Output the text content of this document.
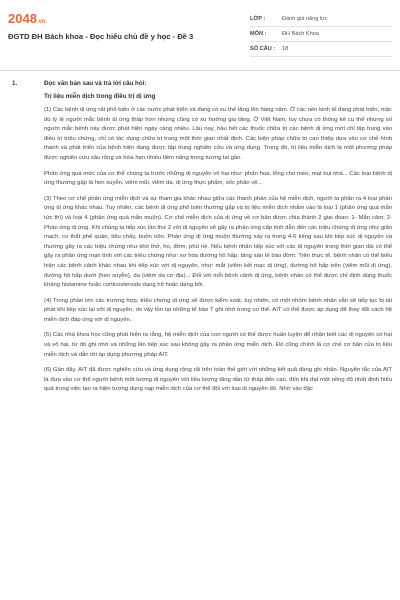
2048.vn
ĐGTD ĐH Bách khoa - Đọc hiểu chủ đề y học - Đề 3
LỚP :	Đánh giá năng lực
MÔN :	ĐH Bách Khoa
SỐ CÂU :	18
1.	Đọc văn bản sau và trả lời câu hỏi:
Trị liệu miễn dịch trong điều trị dị ứng

(1) Các bệnh dị ứng rất phổ biến ở các nước phát triển và đang có xu thế tăng lên hàng năm. Ở các nền kinh tế đang phát triển, mặc dù tỷ lệ người mắc bệnh dị ứng thấp hơn nhưng cũng có xu hướng gia tăng. Ở Việt Nam, tuy chưa có thống kê cụ thể nhưng số người mắc bệnh này được phát hiện ngày càng nhiều. Lâu nay, hầu hết các thuốc chữa trị các bệnh dị ứng mới chỉ tập trung vào điều trị triệu chứng, chỉ có tác dụng chữa trị trong một thời gian nhất định. Các biện pháp chữa trị can thiệp dựa vào cơ chế hình thành và phát triển của bệnh hiện đang được tập trung nghiên cứu và ứng dụng. Trong đó, trị liệu miễn dịch là một phương pháp được nghiên cứu sâu rộng và hứa hẹn nhiều tiềm năng trong tương lai gần.

Phản ứng quá mức của cơ thể chúng ta trước những dị nguyên vô hại như: phấn hoa, lông chó mèo, mạt bụi nhà... Các loại bệnh dị ứng thường gặp là hen suyễn, viêm mũi, viêm da, dị ứng thực phẩm, sốc phản vệ...

(3) Theo cơ chế phản ứng miễn dịch và sự tham gia khác nhau giữa các thành phần của hệ miễn dịch, người ta phân ra 4 loại phản ứng dị ứng khác nhau. Tuy nhiên, các bệnh dị ứng phổ biến thường gặp và trị liệu miễn dịch nhắm vào là loại 1 (phản ứng quá mẫn tức thì) và loại 4 (phản ứng quá mẫn muộn). Cơ chế miễn dịch của dị ứng về cơ bản được chia thành 2 giai đoạn: 1- Mẫn cảm; 2- Phản ứng dị ứng. Khi chúng ta tiếp xúc lần thứ 2 với dị nguyên sẽ gây ra phản ứng cấp tính dẫn đến các triệu chứng dị ứng như giãn mạch, co thắt phế quản, tiêu chảy, buồn nôn. Phản ứng dị ứng muộn thường xảy ra trong 4-6 tiếng sau khi tiếp xúc dị nguyên và thường gây ra các triệu chứng như khó thở, ho, đờm, phù nề. Nếu bệnh nhân tiếp xúc với các dị nguyên trong thời gian dài có thể gây ra phản ứng mạn tính với các triệu chứng như: xơ hóa đường hô hấp, tăng sản tế bào đờm. Trên thực tế, bệnh nhân có thể biểu hiện các bệnh cảnh khác nhau khi tiếp xúc với dị nguyên, như: mắt (viêm kết mạc dị ứng), đường hô hấp trên (viêm mũi dị ứng), đường hô hấp dưới (hen suyễn), da (viêm da cơ địa)... Đối với mỗi bệnh cảnh dị ứng, bệnh nhân có thể được chỉ định dùng thuốc kháng histamine hoặc corticosteroids dạng hít hoặc dạng bôi.

(4) Trong phần lớn các trường hợp, triệu chứng dị ứng sẽ được kiểm soát, tuy nhiên, có một nhóm bệnh nhân vẫn sẽ tiếp tục bị tái phát khi tiếp xúc lại với dị nguyên, do vậy tồn tại những tế bào T ghi nhớ trong cơ thể. AIT có thể được áp dụng để thay đổi cách hệ miễn dịch đáp ứng với dị nguyên.

(5) Các nhà khoa học cũng phát hiện ra rằng, hệ miễn dịch của con người có thể được huấn luyện để nhận biết các dị nguyên có hại và vô hại, từ đó ghi nhớ và những lần tiếp xúc sau không gây ra phản ứng miễn dịch. Đó cũng chính là cơ chế cơ bản của trị liệu miễn dịch và dẫn tới áp dụng phương pháp AIT.

(6) Gần đây, AIT đã được nghiên cứu và ứng dụng rộng rãi trên toàn thế giới với những kết quả đáng ghi nhận. Nguyên tắc của AIT là đưa vào cơ thể người bệnh một lượng dị nguyên với liều lượng tăng dần từ thấp đến cao, đến khi đạt một nồng độ nhất định hiệu quả trong việc tạo ra hiện tượng dung nạp miễn dịch của cơ thể đối với loại dị nguyên đó. Nhờ vào đặc
